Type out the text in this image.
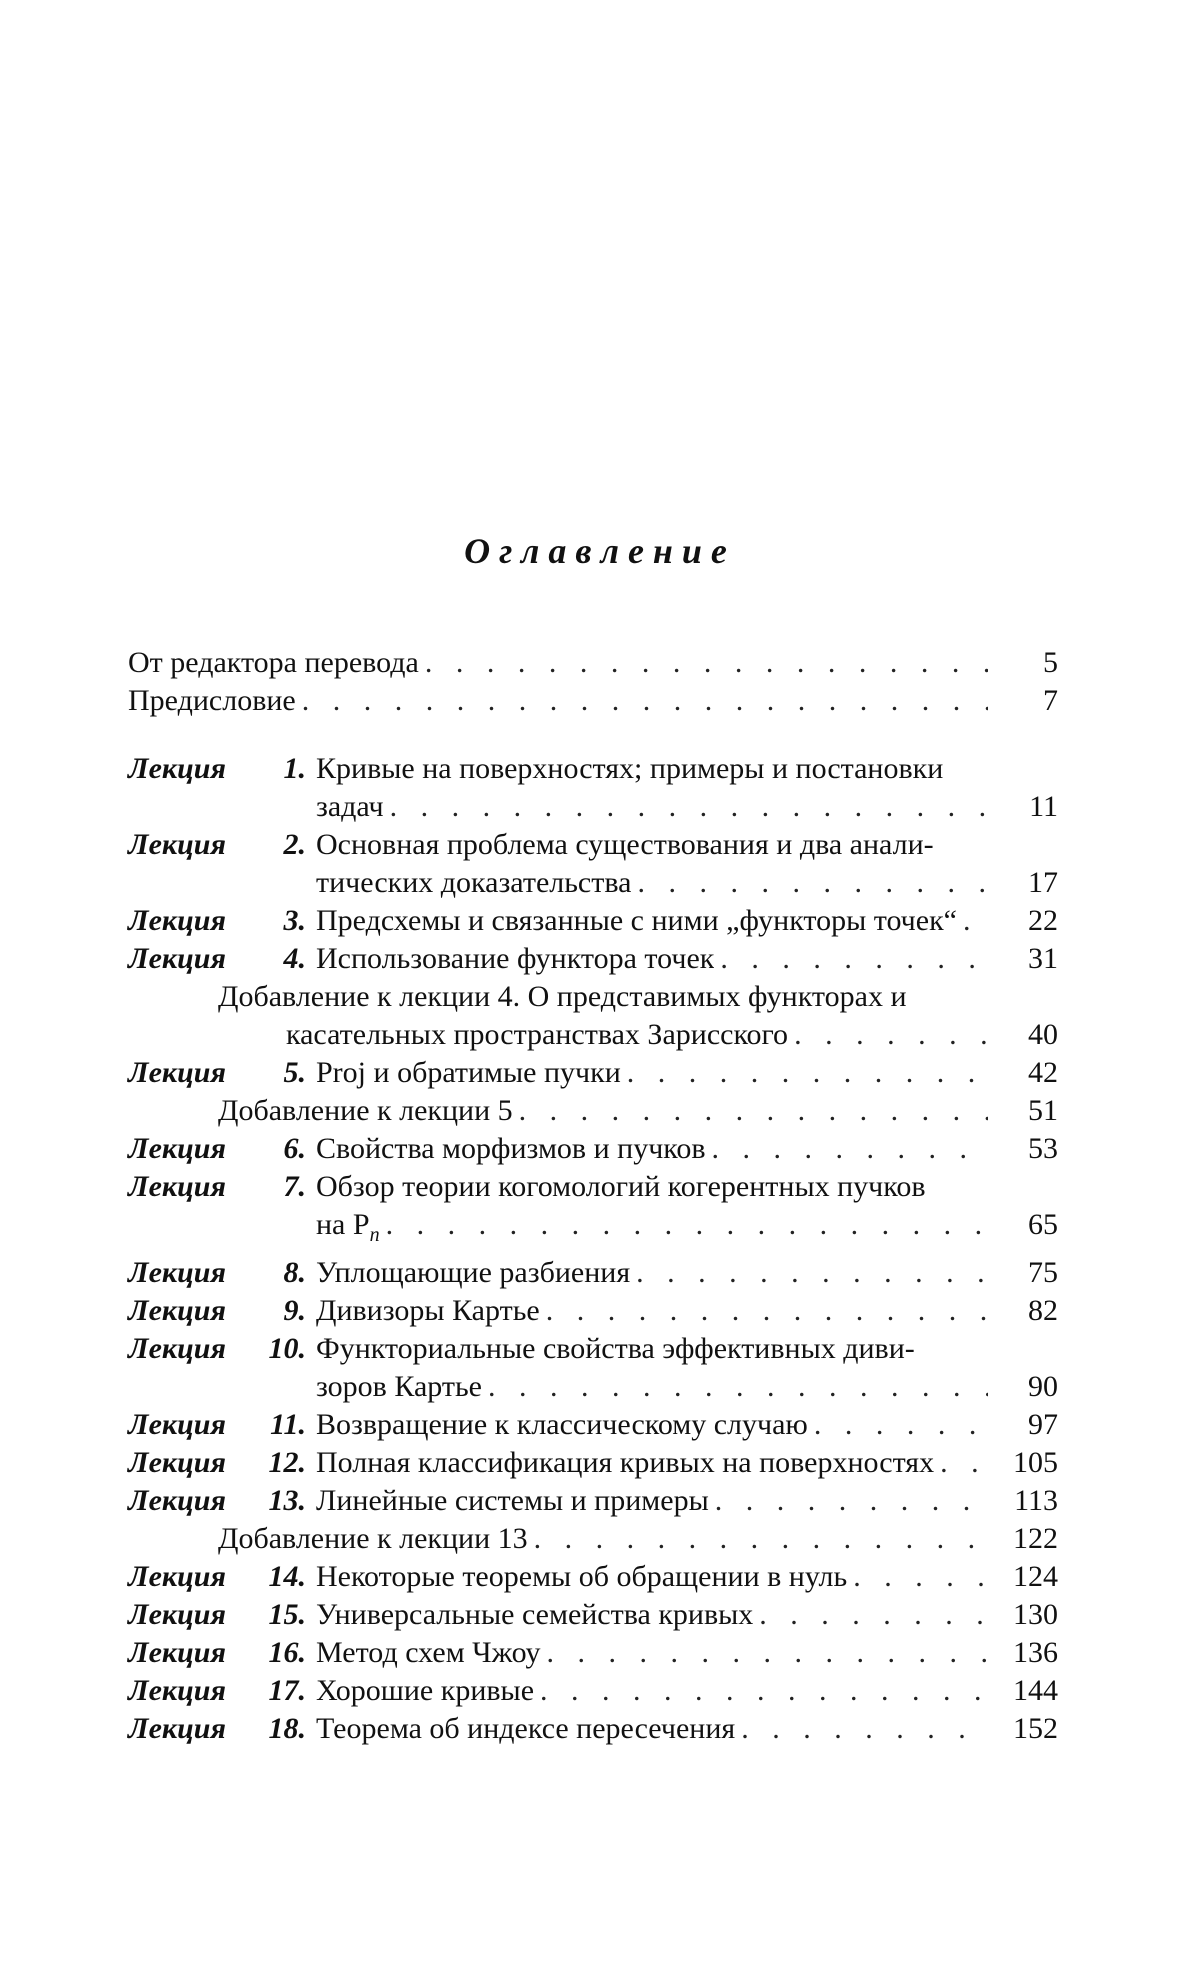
Оглавление
От редактора перевода . . .	5
Предисловие . . .	7
Лекция	1. Кривые на поверхностях; примеры и постановки
задач . . .	11
Лекция	2. Основная проблема существования и два анали-
тических доказательства . . .	17
Лекция	3. Предсхемы и связанные с ними „функторы точек“ . . .	22
Лекция	4. Использование функтора точек . . .	31
Добавление к лекции 4. О представимых функторах и
касательных пространствах Зарисского . . .	40
Лекция	5. Proj и обратимые пучки . . .	42
Добавление к лекции 5 . . .	51
Лекция	6. Свойства морфизмов и пучков . . .	53
Лекция	7. Обзор теории когомологий когерентных пучков
на $P_n$ . . .	65
Лекция	8. Уплощающие разбиения . . .	75
Лекция	9. Дивизоры Картье . . .	82
Лекция	10. Функториальные свойства эффективных диви-
зоров Картье . . .	90
Лекция	11. Возвращение к классическому случаю . . .	97
Лекция	12. Полная классификация кривых на поверхностях . . .	105
Лекция	13. Линейные системы и примеры . . .	113
Добавление к лекции 13 . . .	122
Лекция	14. Некоторые теоремы об обращении в нуль . . .	124
Лекция	15. Универсальные семейства кривых . . .	130
Лекция	16. Метод схем Чжоу . . .	136
Лекция	17. Хорошие кривые . . .	144
Лекция	18. Теорема об индексе пересечения . . .	152
